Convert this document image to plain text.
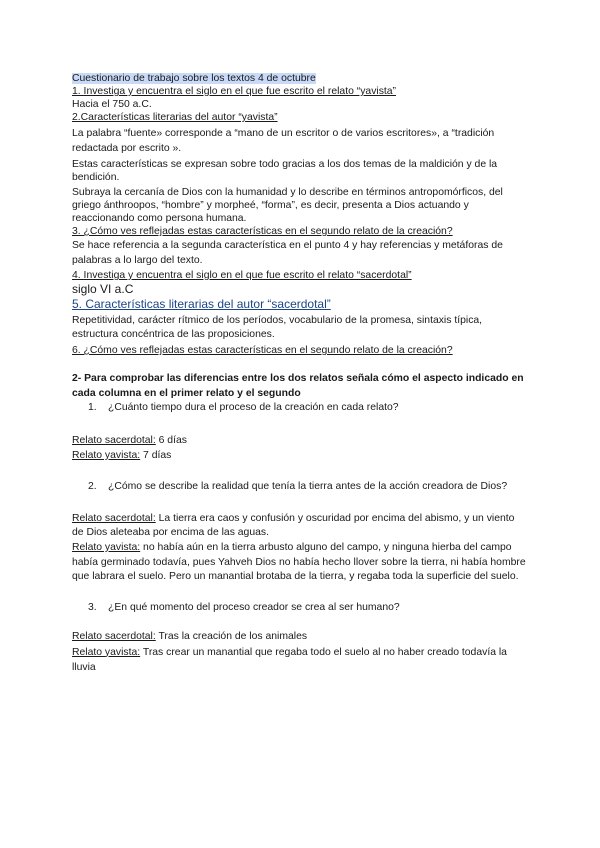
Cuestionario de trabajo sobre los textos 4 de octubre

1. Investiga y encuentra el siglo en el que fue escrito el relato “yavista”

Hacia el 750 a.C.

2.Características literarias del autor “yavista”

La palabra “fuente» corresponde a “mano de un escritor o de varios escritores», a “tradición redactada por escrito ».

Estas características se expresan sobre todo gracias a los dos temas de la maldición y de la bendición.

Subraya la cercanía de Dios con la humanidad y lo describe en términos antropomórficos, del griego ánthroopos, “hombre” y morpheé, “forma”, es decir, presenta a Dios actuando y reaccionando como persona humana.

3. ¿Cómo ves reflejadas estas características en el segundo relato de la creación?

Se hace referencia a la segunda característica en el punto 4 y hay referencias y metáforas de palabras a lo largo del texto.

4. Investiga y encuentra el siglo en el que fue escrito el relato “sacerdotal”

siglo VI a.C

5. Características literarias del autor “sacerdotal”

Repetitividad, carácter rítmico de los períodos, vocabulario de la promesa, sintaxis típica, estructura concéntrica de las proposiciones.

6. ¿Cómo ves reflejadas estas características en el segundo relato de la creación?

2- Para comprobar las diferencias entre los dos relatos señala cómo el aspecto indicado en cada columna en el primer relato y el segundo

1.	¿Cuánto tiempo dura el proceso de la creación en cada relato?

Relato sacerdotal: 6 días

Relato yavista: 7 días

2.	¿Cómo se describe la realidad que tenía la tierra antes de la acción creadora de Dios?

Relato sacerdotal: La tierra era caos y confusión y oscuridad por encima del abismo, y un viento de Dios aleteaba por encima de las aguas.

Relato yavista: no había aún en la tierra arbusto alguno del campo, y ninguna hierba del campo había germinado todavía, pues Yahveh Dios no había hecho llover sobre la tierra, ni había hombre que labrara el suelo. Pero un manantial brotaba de la tierra, y regaba toda la superficie del suelo.

3.	¿En qué momento del proceso creador se crea al ser humano?

Relato sacerdotal: Tras la creación de los animales

Relato yavista: Tras crear un manantial que regaba todo el suelo al no haber creado todavía la lluvia
